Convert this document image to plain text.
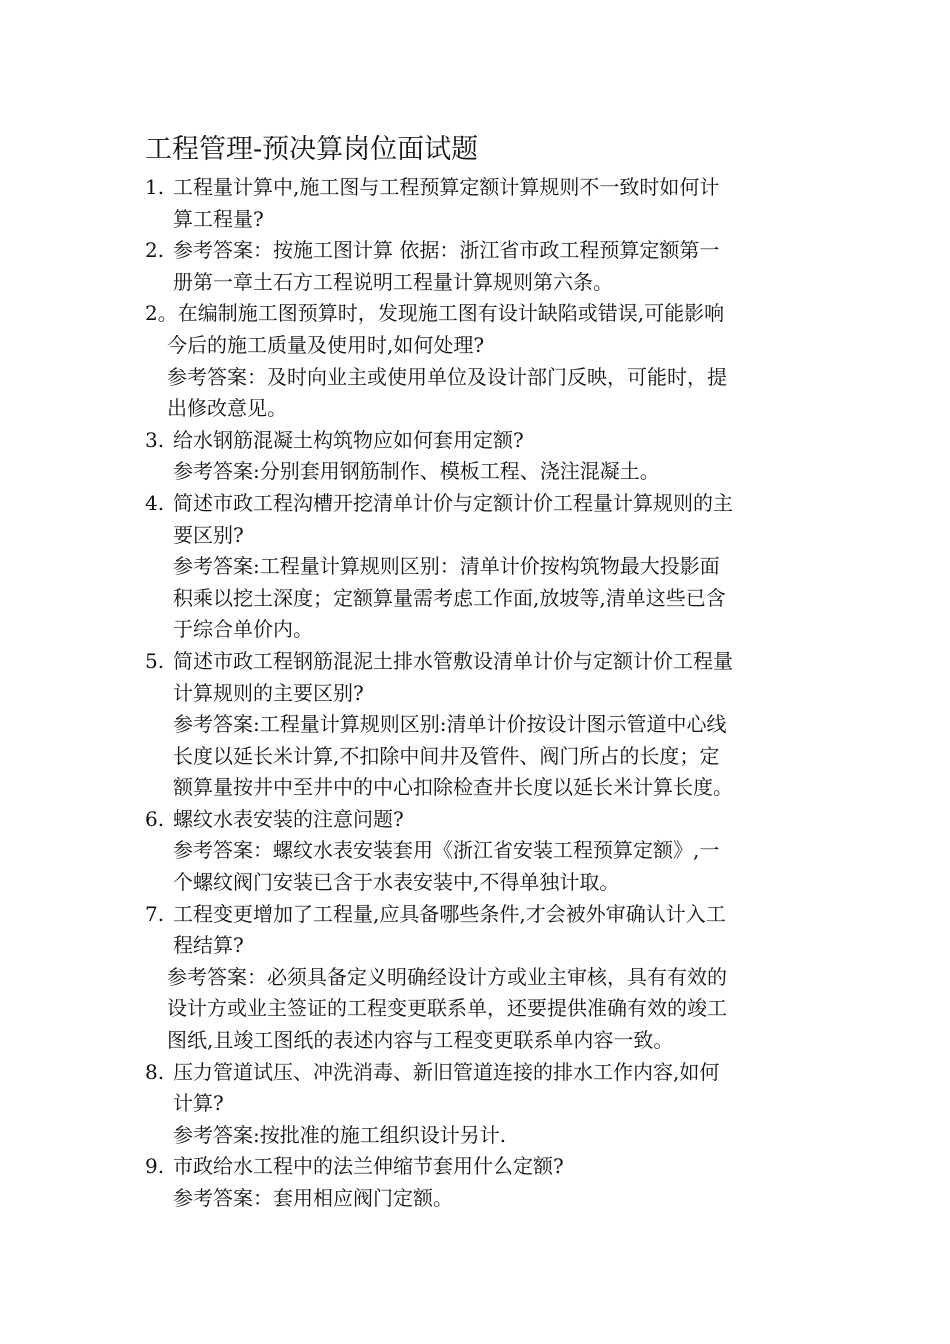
工程管理-预决算岗位面试题
1. 工程量计算中,施工图与工程预算定额计算规则不一致时如何计
算工程量?
2. 参考答案：按施工图计算 依据：浙江省市政工程预算定额第一
册第一章土石方工程说明工程量计算规则第六条。
2。在编制施工图预算时，发现施工图有设计缺陷或错误,可能影响
今后的施工质量及使用时,如何处理?
参考答案：及时向业主或使用单位及设计部门反映，可能时，提
出修改意见。
3. 给水钢筋混凝土构筑物应如何套用定额?
参考答案:分别套用钢筋制作、模板工程、浇注混凝土。
4. 简述市政工程沟槽开挖清单计价与定额计价工程量计算规则的主
要区别?
参考答案:工程量计算规则区别：清单计价按构筑物最大投影面
积乘以挖土深度；定额算量需考虑工作面,放坡等,清单这些已含
于综合单价内。
5. 简述市政工程钢筋混泥土排水管敷设清单计价与定额计价工程量
计算规则的主要区别?
参考答案:工程量计算规则区别:清单计价按设计图示管道中心线
长度以延长米计算,不扣除中间井及管件、阀门所占的长度；定
额算量按井中至井中的中心扣除检查井长度以延长米计算长度。
6. 螺纹水表安装的注意问题?
参考答案：螺纹水表安装套用《浙江省安装工程预算定额》,一
个螺纹阀门安装已含于水表安装中,不得单独计取。
7. 工程变更增加了工程量,应具备哪些条件,才会被外审确认计入工
程结算?
参考答案：必须具备定义明确经设计方或业主审核，具有有效的
设计方或业主签证的工程变更联系单，还要提供准确有效的竣工
图纸,且竣工图纸的表述内容与工程变更联系单内容一致。
8. 压力管道试压、冲洗消毒、新旧管道连接的排水工作内容,如何
计算?
参考答案:按批准的施工组织设计另计.
9. 市政给水工程中的法兰伸缩节套用什么定额?
参考答案：套用相应阀门定额。
